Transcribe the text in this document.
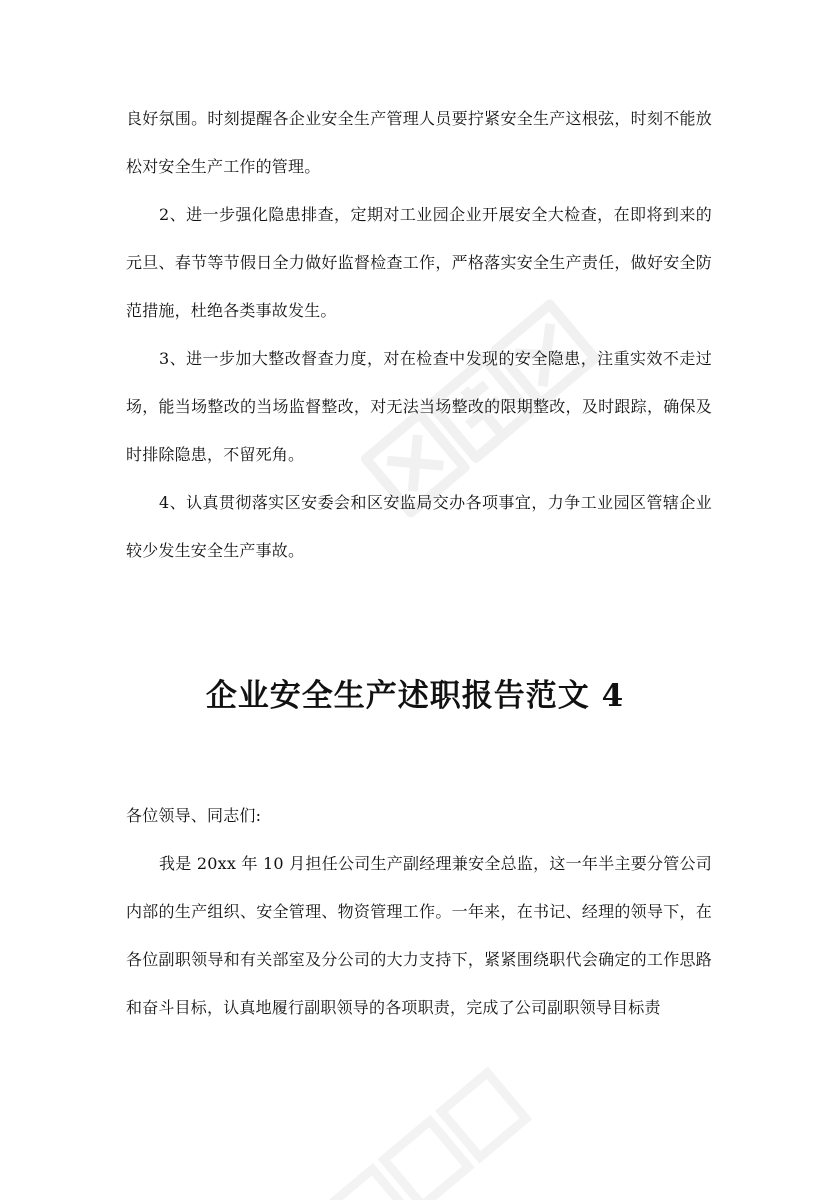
良好氛围。时刻提醒各企业安全生产管理人员要拧紧安全生产这根弦，时刻不能放松对安全生产工作的管理。

2、进一步强化隐患排查，定期对工业园企业开展安全大检查，在即将到来的元旦、春节等节假日全力做好监督检查工作，严格落实安全生产责任，做好安全防范措施，杜绝各类事故发生。

3、进一步加大整改督查力度，对在检查中发现的安全隐患，注重实效不走过场，能当场整改的当场监督整改，对无法当场整改的限期整改，及时跟踪，确保及时排除隐患，不留死角。

4、认真贯彻落实区安委会和区安监局交办各项事宜，力争工业园区管辖企业较少发生安全生产事故。

企业安全生产述职报告范文 4

各位领导、同志们:

我是 20xx 年 10 月担任公司生产副经理兼安全总监，这一年半主要分管公司内部的生产组织、安全管理、物资管理工作。一年来，在书记、经理的领导下，在各位副职领导和有关部室及分公司的大力支持下，紧紧围绕职代会确定的工作思路和奋斗目标，认真地履行副职领导的各项职责，完成了公司副职领导目标责
